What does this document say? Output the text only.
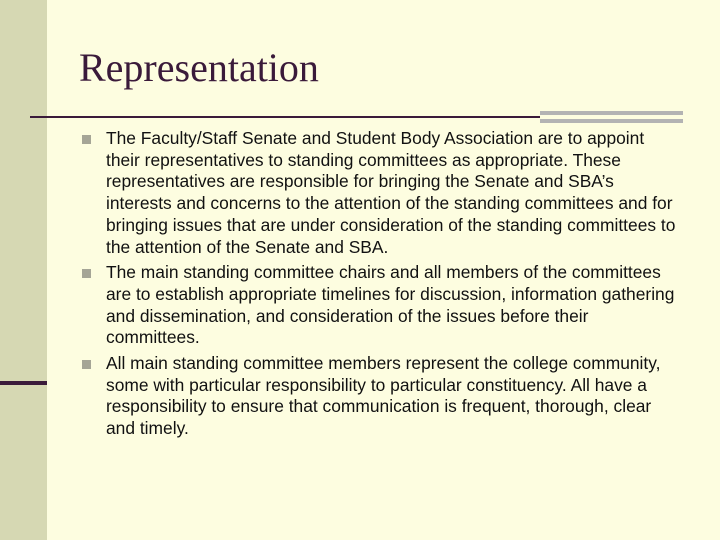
Representation
The Faculty/Staff Senate and Student Body Association are to appoint their representatives to standing committees as appropriate. These representatives are responsible for bringing the Senate and SBA’s interests and concerns to the attention of the standing committees and for bringing issues that are under consideration of the standing committees to the attention of the Senate and SBA.
The main standing committee chairs and all members of the committees are to establish appropriate timelines for discussion, information gathering and dissemination, and consideration of the issues before their committees.
All main standing committee members represent the college community, some with particular responsibility to particular constituency. All have a responsibility to ensure that communication is frequent, thorough, clear and timely.
